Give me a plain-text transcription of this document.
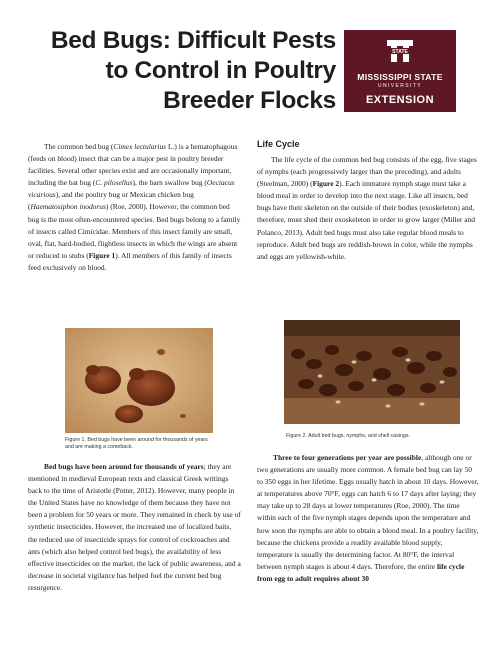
Bed Bugs: Difficult Pests
to Control in Poultry
Breeder Flocks
STATE
MISSISSIPPI STATE
UNIVERSITY
EXTENSION

The common bed bug (Cimex lectularius L.) is a hematophagous (feeds on blood) insect that can be a major pest in poultry breeder facilities. Several other species exist and are occasionally important, including the bat bug (C. pilosellus), the barn swallow bug (Oeciacus vicarious), and the poultry bug or Mexican chicken bug (Haematosiphon inodorus) (Roe, 2000). However, the common bed bug is the most often-encountered species. Bed bugs belong to a family of insects called Cimicidae. Members of this insect family are small, oval, flat, hard-bodied, flightless insects in which the wings are absent or reduced to stubs (Figure 1). All members of this family of insects feed exclusively on blood.

Life Cycle

The life cycle of the common bed bug consists of the egg, five stages of nymphs (each progressively larger than the preceding), and adults (Steelman, 2000) (Figure 2). Each immature nymph stage must take a blood meal in order to develop into the next stage. Like all insects, bed bugs have their skeleton on the outside of their bodies (exoskeleton) and, therefore, must shed their exoskeleton in order to grow larger (Miller and Polanco, 2013). Adult bed bugs must also take regular blood meals to reproduce. Adult bed bugs are reddish-brown in color, while the nymphs and eggs are yellowish-white.

Figure 1. Bed bugs have been around for thousands of years and are making a comeback.
Figure 2. Adult bed bugs, nymphs, and shell casings.

Bed bugs have been around for thousands of years; they are mentioned in medieval European texts and classical Greek writings back to the time of Aristotle (Potter, 2012). However, many people in the United States have no knowledge of them because they have not been a problem for 50 years or more. They remained in check by use of synthetic insecticides. However, the increased use of localized baits, the reduced use of insecticide sprays for control of cockroaches and ants (which also helped control bed bugs), the availability of less effective insecticides on the market, the lack of public awareness, and a decrease in societal vigilance has helped fuel the current bed bug resurgence.

Three to four generations per year are possible, although one or two generations are usually more common. A female bed bug can lay 50 to 350 eggs in her lifetime. Eggs usually hatch in about 10 days. However, at temperatures above 70°F, eggs can hatch 6 to 17 days after laying; they may take up to 28 days at lower temperatures (Roe, 2000). The time within each of the five nymph stages depends upon the temperature and how soon the nymphs are able to obtain a blood meal. In a poultry facility, because the chickens provide a readily available blood supply, temperature is usually the determining factor. At 80°F, the interval between nymph stages is about 4 days. Therefore, the entire life cycle from egg to adult requires about 30
